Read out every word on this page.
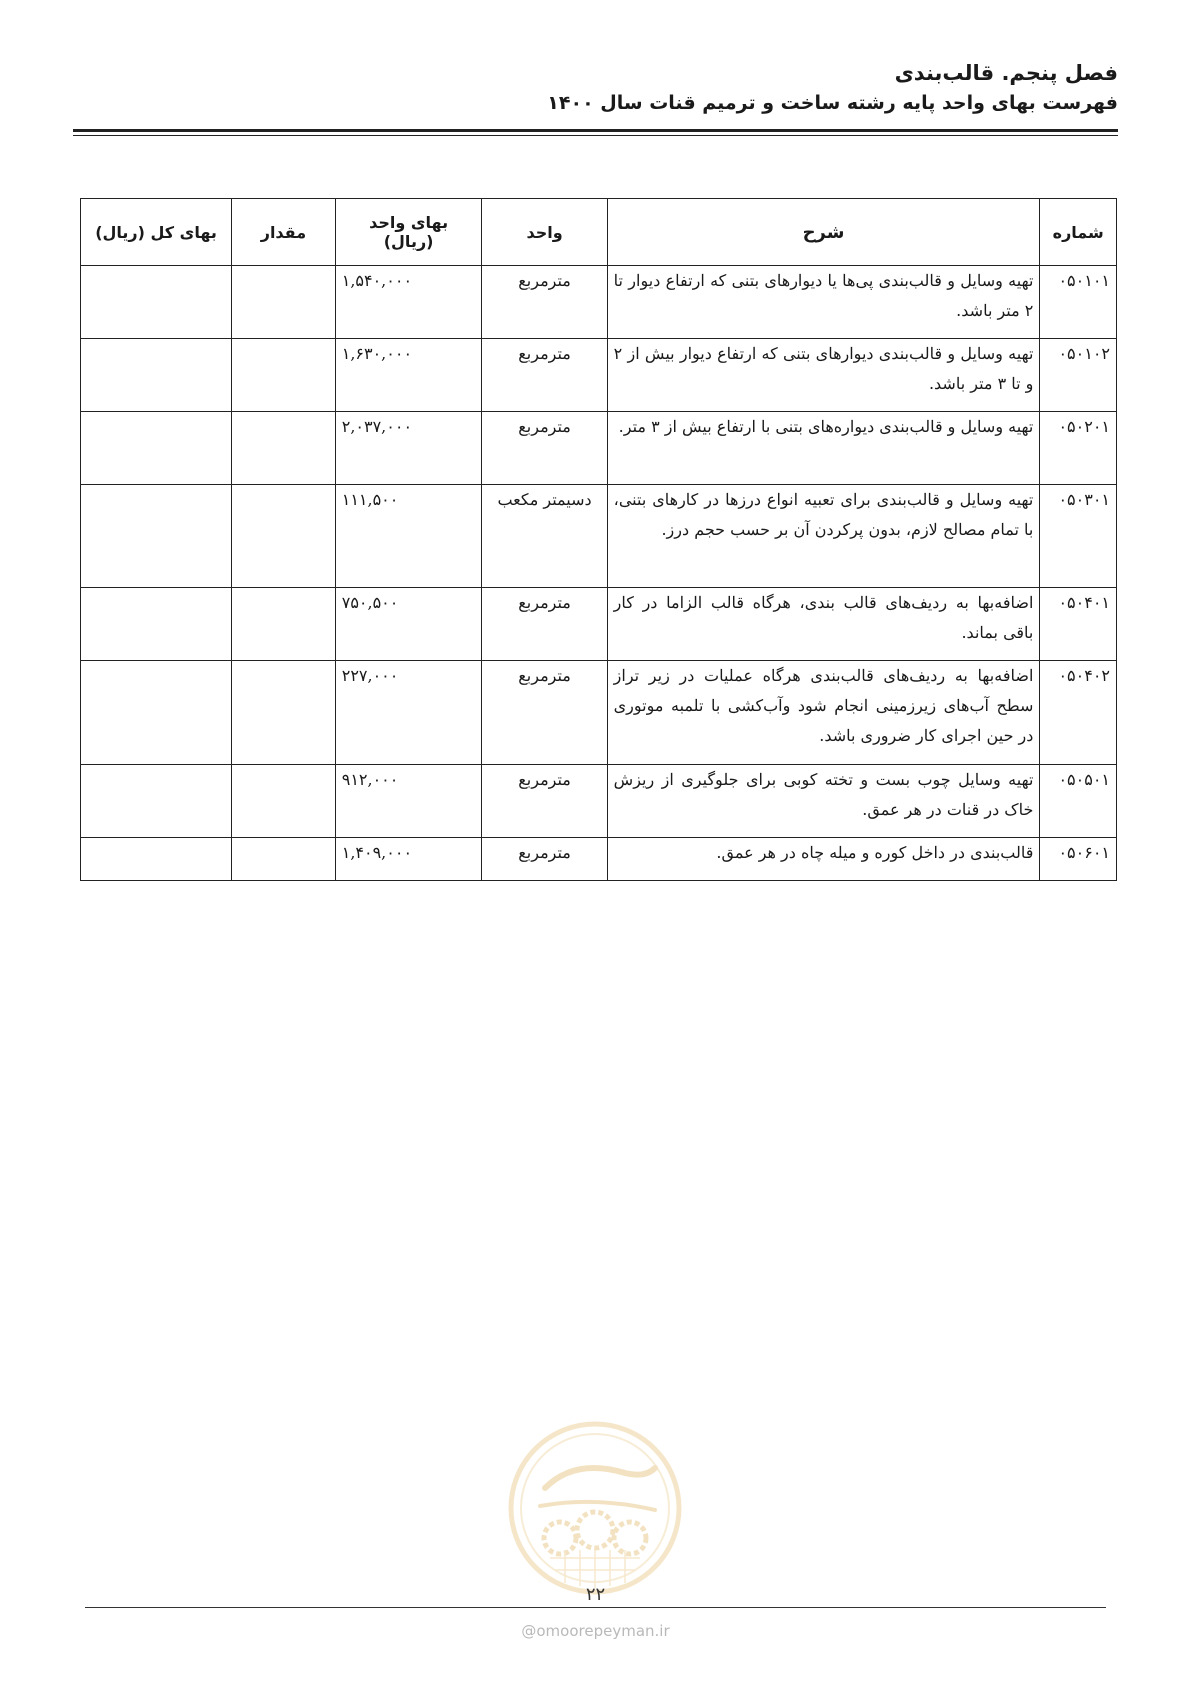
فصل پنجم. قالب‌بندی
فهرست بهای واحد پایه رشته ساخت و ترمیم قنات سال ۱۴۰۰
شماره	شرح	واحد	بهای واحد (ریال)	مقدار	بهای کل (ریال)
۰۵۰۱۰۱	تهیه وسایل و قالب‌بندی پی‌ها یا دیوارهای بتنی که ارتفاع دیوار تا ۲ متر باشد.	مترمربع	۱,۵۴۰,۰۰۰		
۰۵۰۱۰۲	تهیه وسایل و قالب‌بندی دیوارهای بتنی که ارتفاع دیوار بیش از ۲ و تا ۳ متر باشد.	مترمربع	۱,۶۳۰,۰۰۰		
۰۵۰۲۰۱	تهیه وسایل و قالب‌بندی دیواره‌های بتنی با ارتفاع بیش از ۳ متر.	مترمربع	۲,۰۳۷,۰۰۰		
۰۵۰۳۰۱	تهیه وسایل و قالب‌بندی برای تعبیه انواع درزها در کارهای بتنی، با تمام مصالح لازم، بدون پرکردن آن بر حسب حجم درز.	دسیمتر مکعب	۱۱۱,۵۰۰		
۰۵۰۴۰۱	اضافه‌بها به ردیف‌های قالب بندی، هرگاه قالب الزاما در کار باقی بماند.	مترمربع	۷۵۰,۵۰۰		
۰۵۰۴۰۲	اضافه‌بها به ردیف‌های قالب‌بندی هرگاه عملیات در زیر تراز سطح آب‌های زیرزمینی انجام شود وآب‌کشی با تلمبه موتوری در حین اجرای کار ضروری باشد.	مترمربع	۲۲۷,۰۰۰		
۰۵۰۵۰۱	تهیه وسایل چوب بست و تخته کوبی برای جلوگیری از ریزش خاک در قنات در هر عمق.	مترمربع	۹۱۲,۰۰۰		
۰۵۰۶۰۱	قالب‌بندی در داخل کوره و میله چاه در هر عمق.	مترمربع	۱,۴۰۹,۰۰۰		
۲۲
@omoorepeyman.ir
